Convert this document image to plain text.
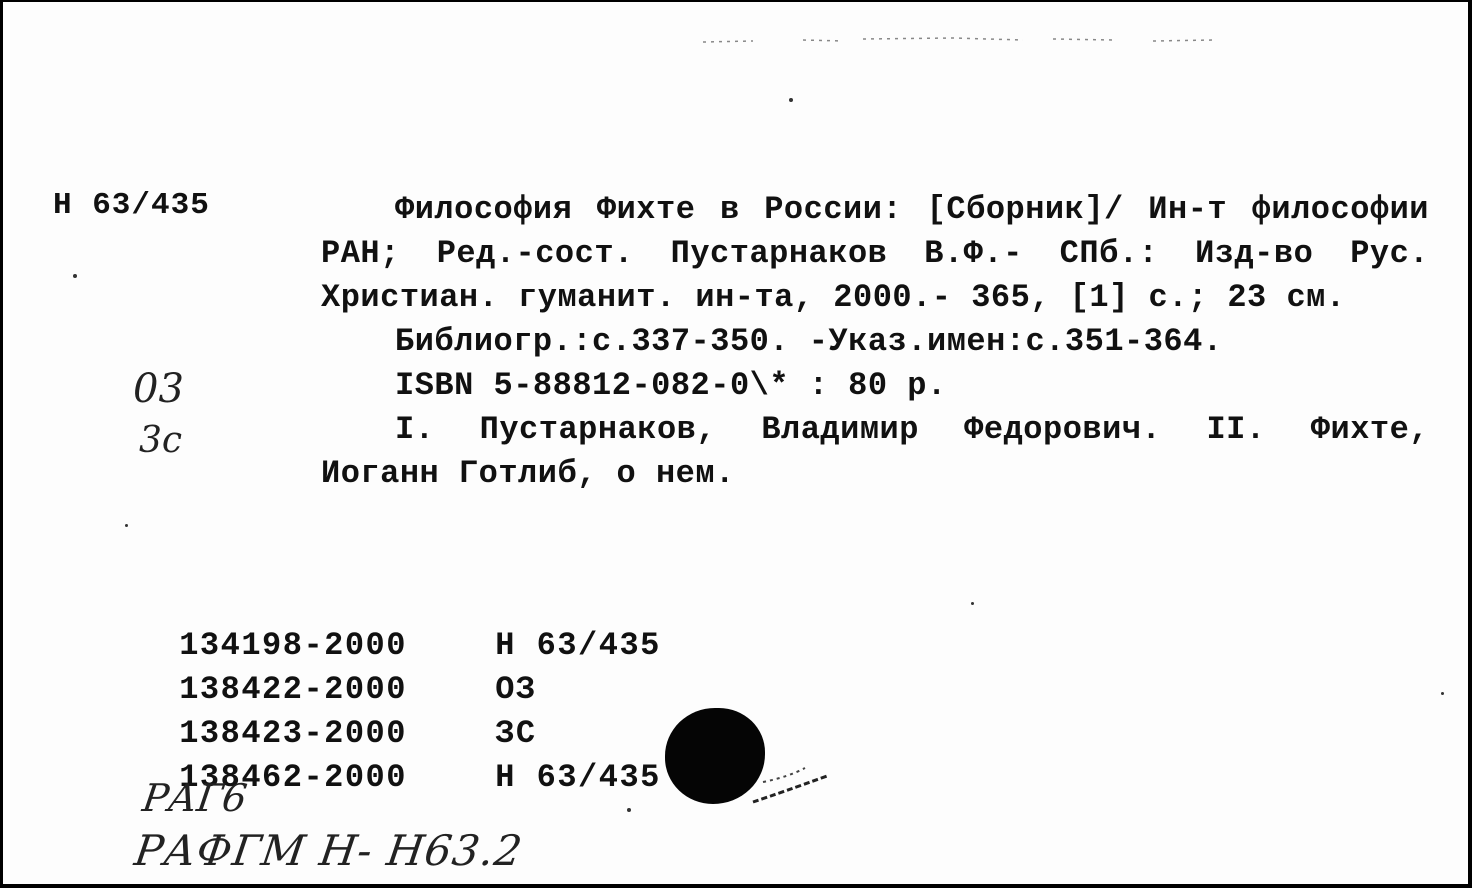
Н 63/435	Философия Фихте в России: [Сборник]/ Ин-т философии РАН; Ред.-сост. Пустарнаков В.Ф.- СПб.: Изд-во Рус. Христиан. гуманит. ин-та, 2000.- 365, [1] с.; 23 см.

Библиогр.:с.337-350. -Указ.имен:с.351-364.

ISBN 5-88812-082-0\* : 80 р.

I. Пустарнаков, Владимир Федорович. II. Фихте, Иоганн Готлиб, о нем.

03
3с

134198-2000	Н 63/435

138422-2000	ОЗ

138423-2000	ЗС

138462-2000	Н 63/435

РАГ6
РАФГМ Н- Н63.2
